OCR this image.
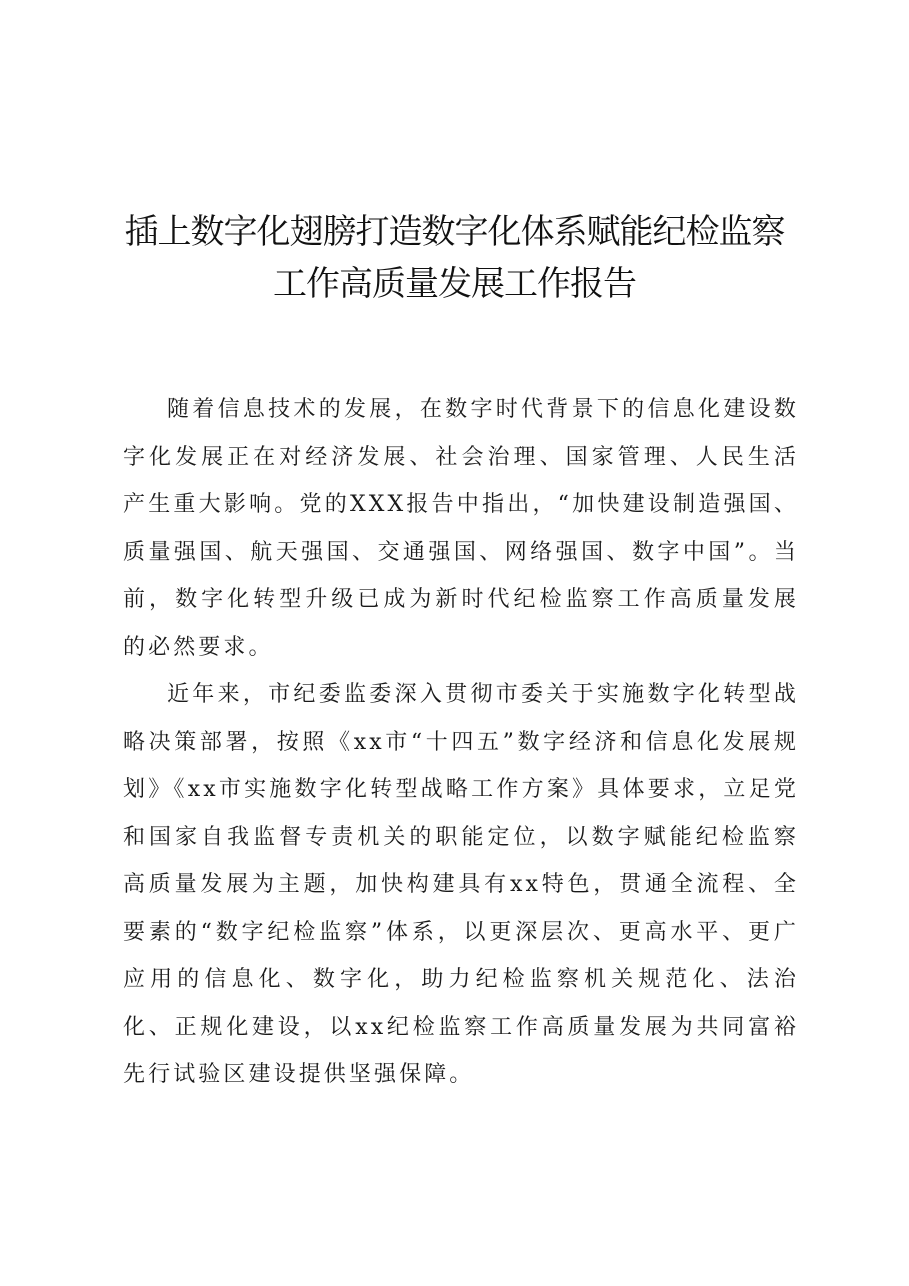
插上数字化翅膀打造数字化体系赋能纪检监察
工作高质量发展工作报告

随着信息技术的发展，在数字时代背景下的信息化建设数字化发展正在对经济发展、社会治理、国家管理、人民生活产生重大影响。党的XXX报告中指出，“加快建设制造强国、质量强国、航天强国、交通强国、网络强国、数字中国”。当前，数字化转型升级已成为新时代纪检监察工作高质量发展的必然要求。

近年来，市纪委监委深入贯彻市委关于实施数字化转型战略决策部署，按照《xx市“十四五”数字经济和信息化发展规划》《xx市实施数字化转型战略工作方案》具体要求，立足党和国家自我监督专责机关的职能定位，以数字赋能纪检监察高质量发展为主题，加快构建具有xx特色，贯通全流程、全要素的“数字纪检监察”体系，以更深层次、更高水平、更广应用的信息化、数字化，助力纪检监察机关规范化、法治化、正规化建设，以xx纪检监察工作高质量发展为共同富裕先行试验区建设提供坚强保障。
